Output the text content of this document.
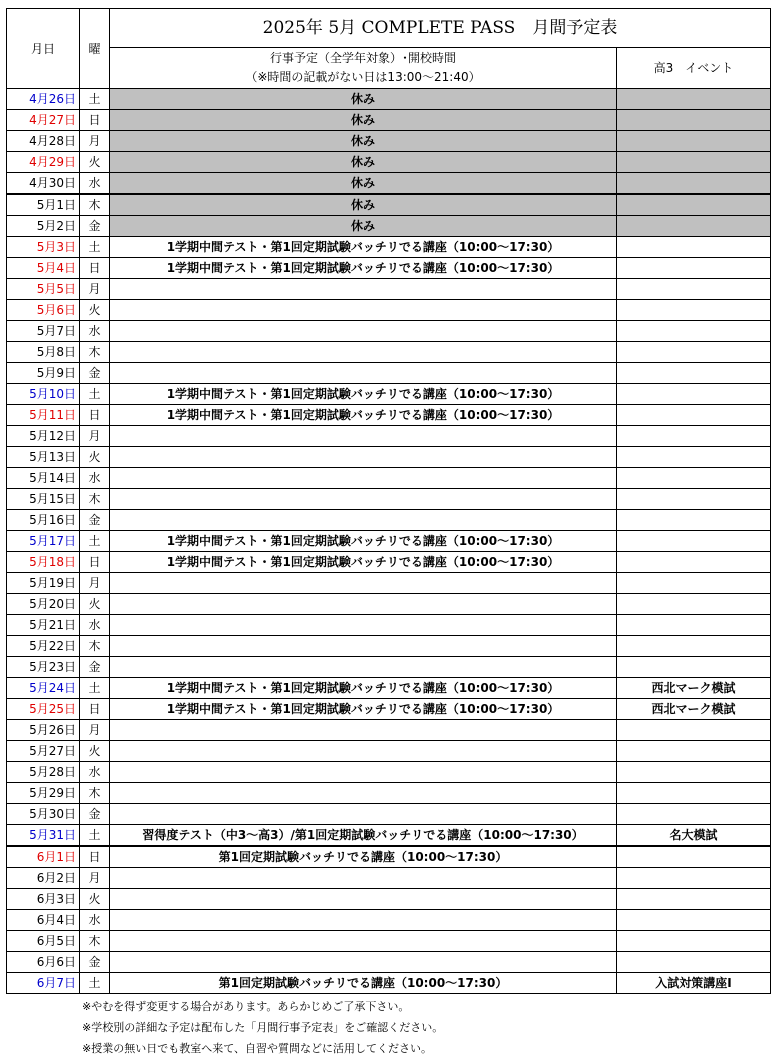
月日	曜	2025年 5月 COMPLETE PASS　月間予定表	

		行事予定（全学年対象）･開校時間
（※時間の記載がない日は13:00～21:40）	高3　イベント
4月26日	土	休み	
4月27日	日	休み	
4月28日	月	休み	
4月29日	火	休み	
4月30日	水	休み	
5月1日	木	休み	
5月2日	金	休み	
5月3日	土	1学期中間テスト・第1回定期試験バッチリでる講座（10:00～17:30）	
5月4日	日	1学期中間テスト・第1回定期試験バッチリでる講座（10:00～17:30）	
5月5日	月		
5月6日	火		
5月7日	水		
5月8日	木		
5月9日	金		
5月10日	土	1学期中間テスト・第1回定期試験バッチリでる講座（10:00～17:30）	
5月11日	日	1学期中間テスト・第1回定期試験バッチリでる講座（10:00～17:30）	
5月12日	月		
5月13日	火		
5月14日	水		
5月15日	木		
5月16日	金		
5月17日	土	1学期中間テスト・第1回定期試験バッチリでる講座（10:00～17:30）	
5月18日	日	1学期中間テスト・第1回定期試験バッチリでる講座（10:00～17:30）	
5月19日	月		
5月20日	火		
5月21日	水		
5月22日	木		
5月23日	金		
5月24日	土	1学期中間テスト・第1回定期試験バッチリでる講座（10:00～17:30）	西北マーク模試
5月25日	日	1学期中間テスト・第1回定期試験バッチリでる講座（10:00～17:30）	西北マーク模試
5月26日	月		
5月27日	火		
5月28日	水		
5月29日	木		
5月30日	金		
5月31日	土	習得度テスト（中3～高3）/第1回定期試験バッチリでる講座（10:00～17:30）	名大模試
6月1日	日	第1回定期試験バッチリでる講座（10:00～17:30）	
6月2日	月		
6月3日	火		
6月4日	水		
6月5日	木		
6月6日	金		
6月7日	土	第1回定期試験バッチリでる講座（10:00～17:30）	入試対策講座Ⅰ
※やむを得ず変更する場合があります。あらかじめご了承下さい。
※学校別の詳細な予定は配布した「月間行事予定表」をご確認ください。
※授業の無い日でも教室へ来て、自習や質問などに活用してください。
